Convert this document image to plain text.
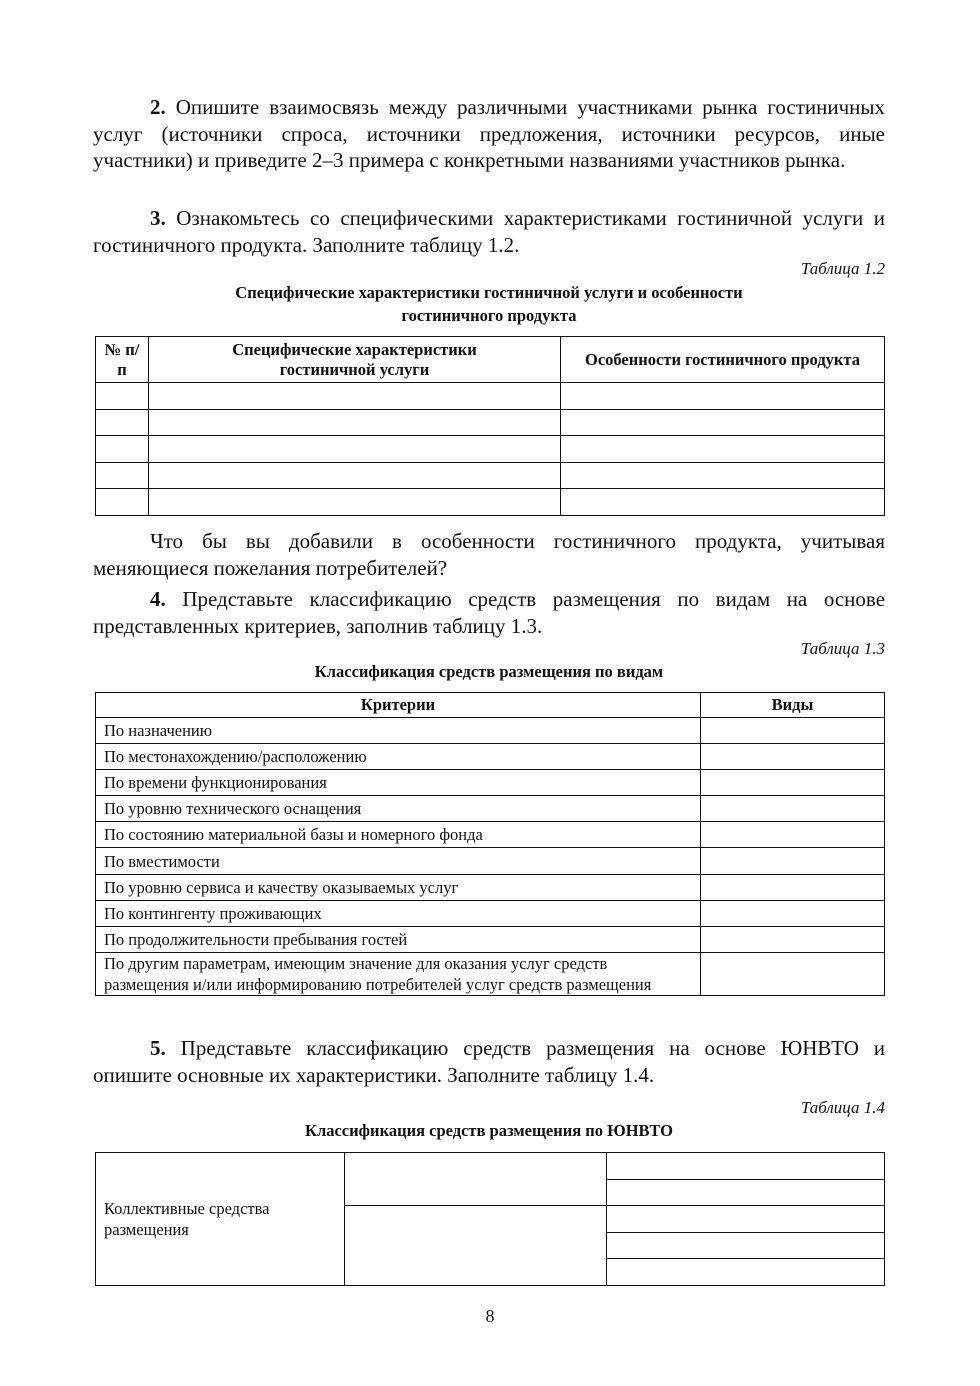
2. Опишите взаимосвязь между различными участниками рынка гостиничных услуг (источники спроса, источники предложения, источники ресурсов, иные участники) и приведите 2–3 примера с конкретными названиями участников рынка.
3. Ознакомьтесь со специфическими характеристиками гостиничной услуги и гостиничного продукта. Заполните таблицу 1.2.
Таблица 1.2
Специфические характеристики гостиничной услуги и особенности
гостиничного продукта
№ п/п	Специфические характеристики гостиничной услуги	Особенности гостиничного продукта

Что бы вы добавили в особенности гостиничного продукта, учитывая меняющиеся пожелания потребителей?
4. Представьте классификацию средств размещения по видам на основе представленных критериев, заполнив таблицу 1.3.
Таблица 1.3
Классификация средств размещения по видам
Критерии	Виды
По назначению	
По местонахождению/расположению	
По времени функционирования	
По уровню технического оснащения	
По состоянию материальной базы и номерного фонда	
По вместимости	
По уровню сервиса и качеству оказываемых услуг	
По контингенту проживающих	
По продолжительности пребывания гостей	
По другим параметрам, имеющим значение для оказания услуг средств размещения и/или информированию потребителей услуг средств размещения	
5. Представьте классификацию средств размещения на основе ЮНВТО и опишите основные их характеристики. Заполните таблицу 1.4.
Таблица 1.4
Классификация средств размещения по ЮНВТО
Коллективные средства размещения		

8
